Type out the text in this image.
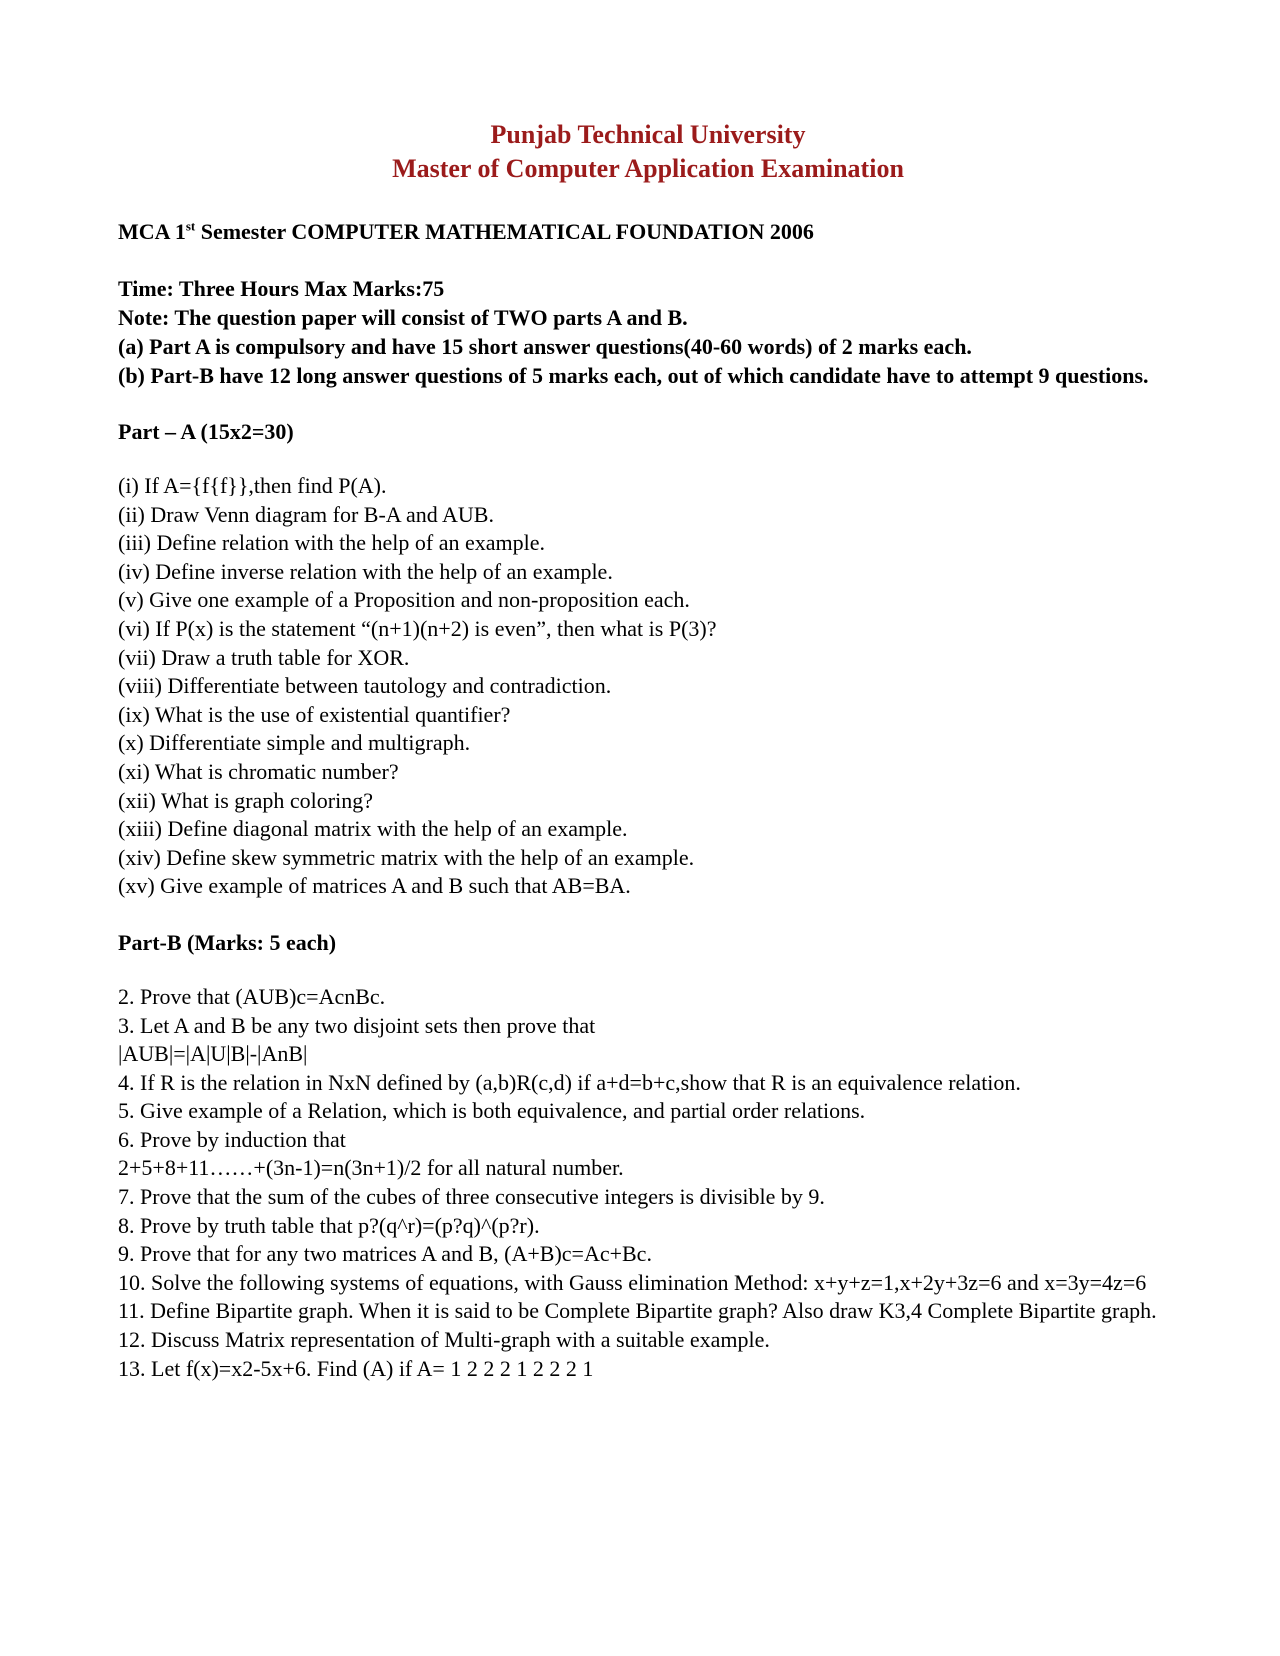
Punjab Technical University
Master of Computer Application Examination
MCA 1st Semester COMPUTER MATHEMATICAL FOUNDATION 2006
Time: Three Hours Max Marks:75
Note: The question paper will consist of TWO parts A and B.
(a) Part A is compulsory and have 15 short answer questions(40-60 words) of 2 marks each.
(b) Part-B have 12 long answer questions of 5 marks each, out of which candidate have to attempt 9 questions.
Part – A (15x2=30)
(i) If A={f{f}},then find P(A).
(ii) Draw Venn diagram for B-A and AUB.
(iii) Define relation with the help of an example.
(iv) Define inverse relation with the help of an example.
(v) Give one example of a Proposition and non-proposition each.
(vi) If P(x) is the statement “(n+1)(n+2) is even”, then what is P(3)?
(vii) Draw a truth table for XOR.
(viii) Differentiate between tautology and contradiction.
(ix) What is the use of existential quantifier?
(x) Differentiate simple and multigraph.
(xi) What is chromatic number?
(xii) What is graph coloring?
(xiii) Define diagonal matrix with the help of an example.
(xiv) Define skew symmetric matrix with the help of an example.
(xv) Give example of matrices A and B such that AB=BA.
Part-B (Marks: 5 each)
2. Prove that (AUB)c=AcnBc.
3. Let A and B be any two disjoint sets then prove that
|AUB|=|A|U|B|-|AnB|
4. If R is the relation in NxN defined by (a,b)R(c,d) if a+d=b+c,show that R is an equivalence relation.
5. Give example of a Relation, which is both equivalence, and partial order relations.
6. Prove by induction that
2+5+8+11……+(3n-1)=n(3n+1)/2 for all natural number.
7. Prove that the sum of the cubes of three consecutive integers is divisible by 9.
8. Prove by truth table that p?(q^r)=(p?q)^(p?r).
9. Prove that for any two matrices A and B, (A+B)c=Ac+Bc.
10. Solve the following systems of equations, with Gauss elimination Method: x+y+z=1,x+2y+3z=6 and x=3y=4z=6
11. Define Bipartite graph. When it is said to be Complete Bipartite graph? Also draw K3,4 Complete Bipartite graph.
12. Discuss Matrix representation of Multi-graph with a suitable example.
13. Let f(x)=x2-5x+6. Find (A) if A= 1 2 2 2 1 2 2 2 1
